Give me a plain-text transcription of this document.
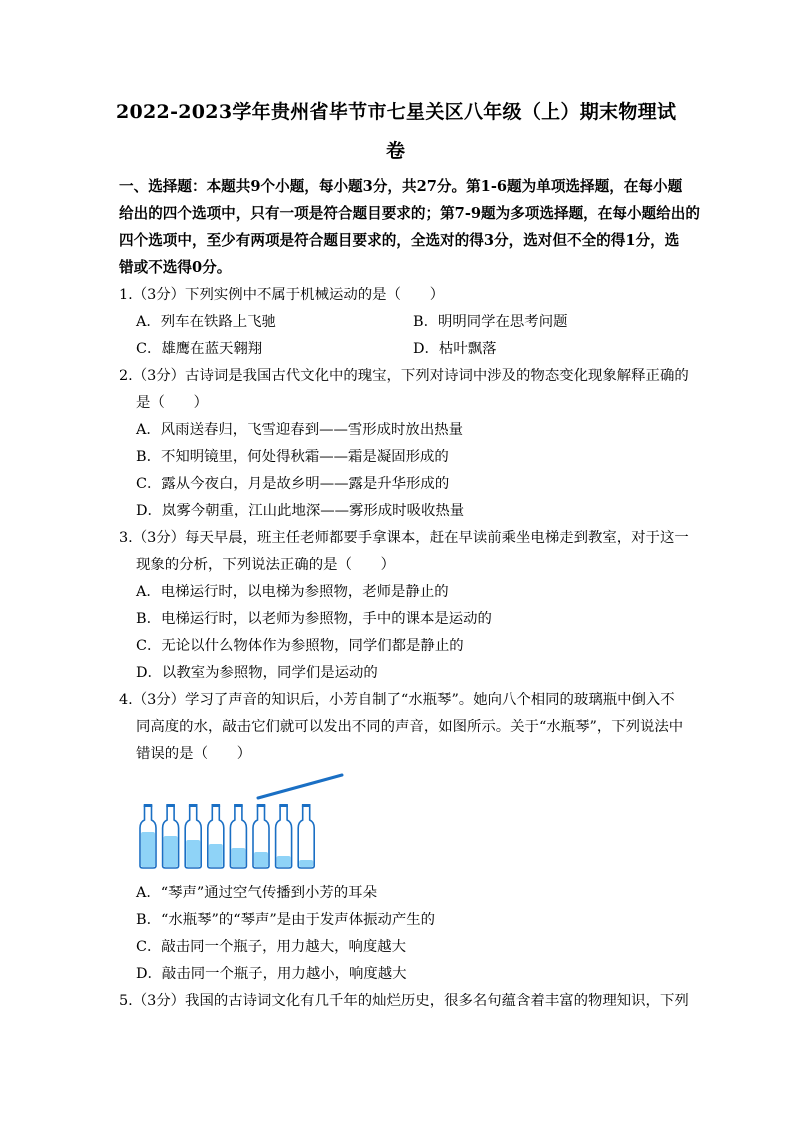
2022-2023学年贵州省毕节市七星关区八年级（上）期末物理试
卷
一、选择题：本题共9个小题，每小题3分，共27分。第1-6题为单项选择题，在每小题
给出的四个选项中，只有一项是符合题目要求的；第7-9题为多项选择题，在每小题给出的
四个选项中，至少有两项是符合题目要求的，全选对的得3分，选对但不全的得1分，选
错或不选得0分。
1.（3分）下列实例中不属于机械运动的是（　　）
A．列车在铁路上飞驰	B．明明同学在思考问题
C．雄鹰在蓝天翱翔	D．枯叶飘落
2.（3分）古诗词是我国古代文化中的瑰宝，下列对诗词中涉及的物态变化现象解释正确的
是（　　）
A．风雨送春归，飞雪迎春到——雪形成时放出热量
B．不知明镜里，何处得秋霜——霜是凝固形成的
C．露从今夜白，月是故乡明——露是升华形成的
D．岚雾今朝重，江山此地深——雾形成时吸收热量
3.（3分）每天早晨，班主任老师都要手拿课本，赶在早读前乘坐电梯走到教室，对于这一
现象的分析，下列说法正确的是（　　）
A．电梯运行时，以电梯为参照物，老师是静止的
B．电梯运行时，以老师为参照物，手中的课本是运动的
C．无论以什么物体作为参照物，同学们都是静止的
D．以教室为参照物，同学们是运动的
4.（3分）学习了声音的知识后，小芳自制了“水瓶琴”。她向八个相同的玻璃瓶中倒入不
同高度的水，敲击它们就可以发出不同的声音，如图所示。关于“水瓶琴”，下列说法中
错误的是（　　）
A．“琴声”通过空气传播到小芳的耳朵
B．“水瓶琴”的“琴声”是由于发声体振动产生的
C．敲击同一个瓶子，用力越大，响度越大
D．敲击同一个瓶子，用力越小，响度越大
5.（3分）我国的古诗词文化有几千年的灿烂历史，很多名句蕴含着丰富的物理知识，下列
